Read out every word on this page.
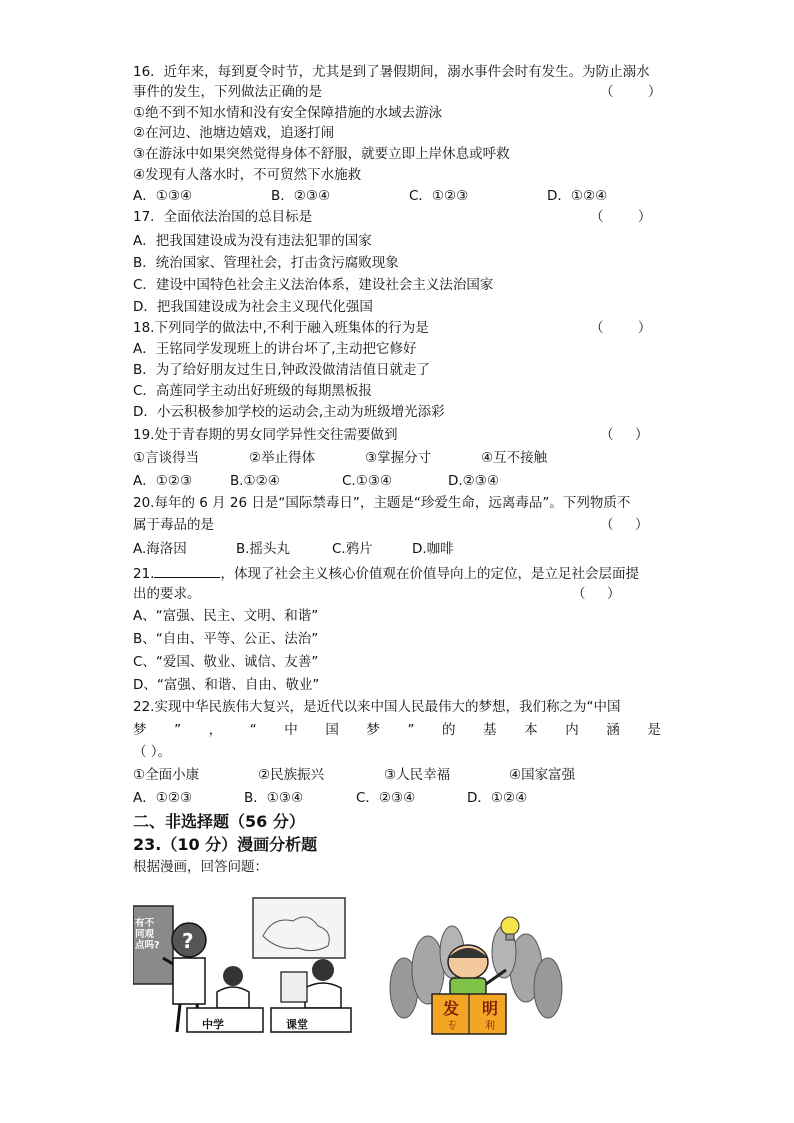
16．近年来，每到夏令时节，尤其是到了暑假期间，溺水事件会时有发生。为防止溺水
事件的发生，下列做法正确的是	（        ）
①绝不到不知水情和没有安全保障措施的水域去游泳
②在河边、池塘边嬉戏，追逐打闹
③在游泳中如果突然觉得身体不舒服，就要立即上岸休息或呼救
④发现有人落水时，不可贸然下水施救
A．①③④	B．②③④	C．①②③	D．①②④
17．全面依法治国的总目标是	（        ）
A．把我国建设成为没有违法犯罪的国家
B．统治国家、管理社会，打击贪污腐败现象
C．建设中国特色社会主义法治体系，建设社会主义法治国家
D．把我国建设成为社会主义现代化强国
18.下列同学的做法中,不利于融入班集体的行为是	（        ）
A．王铭同学发现班上的讲台坏了,主动把它修好
B．为了给好朋友过生日,钟政没做清洁值日就走了
C．高莲同学主动出好班级的每期黑板报
D．小云积极参加学校的运动会,主动为班级增光添彩
19.处于青春期的男女同学异性交往需要做到	（     ）
①言谈得当	②举止得体	③掌握分寸	④互不接触
A．①②③	B.①②④	C.①③④	D.②③④
20.每年的 6 月 26 日是“国际禁毒日”，主题是“珍爱生命，远离毒品”。下列物质不
属于毒品的是	（     ）
A.海洛因	B.摇头丸	C.鸦片	D.咖啡
21.	，体现了社会主义核心价值观在价值导向上的定位，是立足社会层面提
出的要求。	（     ）
A、“富强、民主、文明、和谐”
B、“自由、平等、公正、法治”
C、“爱国、敬业、诚信、友善”
D、“富强、和谐、自由、敬业”
22.实现中华民族伟大复兴，是近代以来中国人民最伟大的梦想，我们称之为“中国
梦 ” ， “ 中 国 梦 ” 的 基 本 内 涵 是
（ ）。
①全面小康	②民族振兴	③人民幸福	④国家富强
A．①②③	B．①③④	C．②③④	D．①②④
二、非选择题（56 分）
23.（10 分）漫画分析题
根据漫画，回答问题：
?
有不
同观
点吗?
中学	课堂
发 明
专	利
